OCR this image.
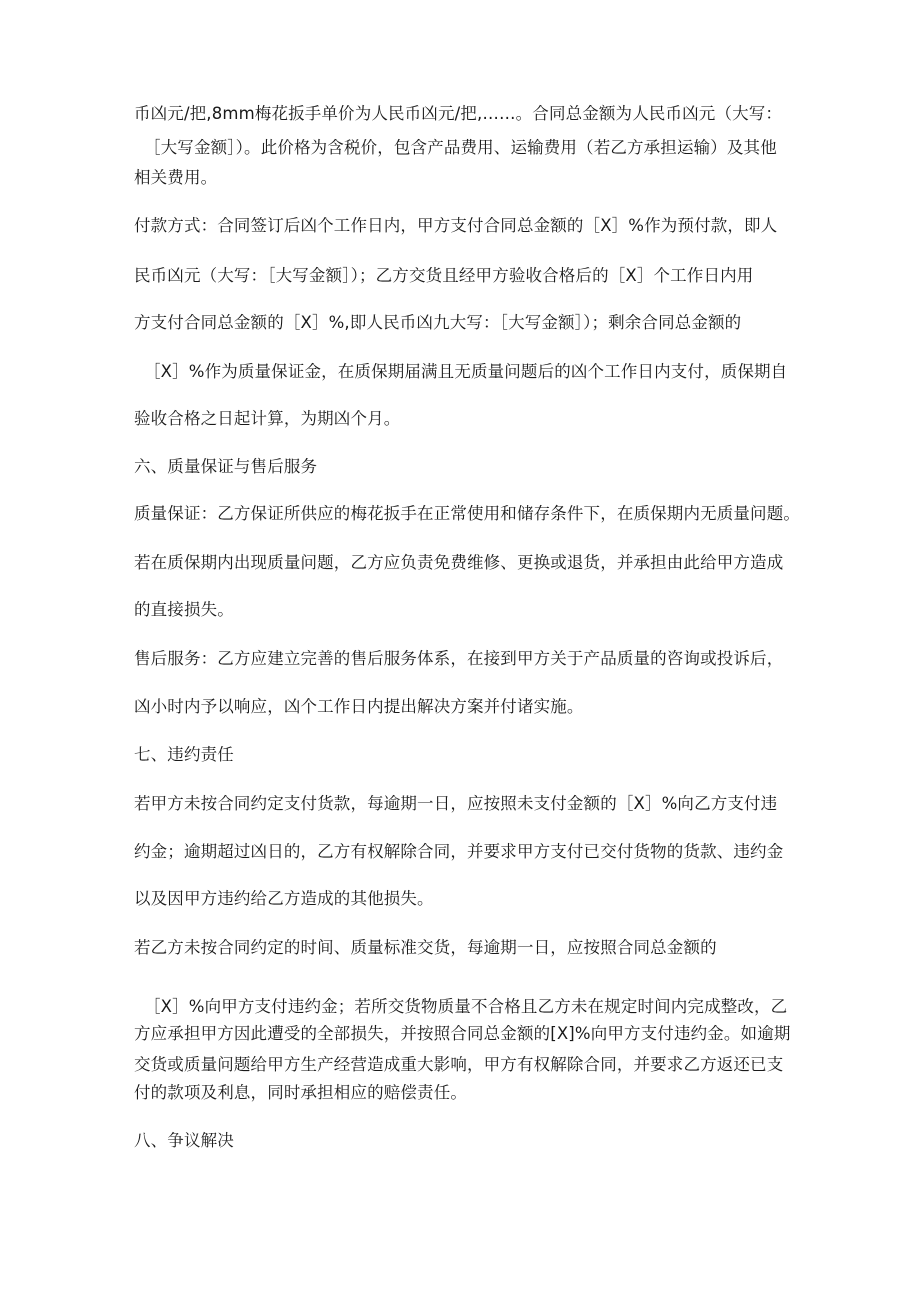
币凶元/把,8mm梅花扳手单价为人民币凶元/把,……。合同总金额为人民币凶元（大写：

［大写金额］）。此价格为含税价，包含产品费用、运输费用（若乙方承担运输）及其他

相关费用。

付款方式：合同签订后凶个工作日内，甲方支付合同总金额的［X］%作为预付款，即人

民币凶元（大写：［大写金额］）；乙方交货且经甲方验收合格后的［X］个工作日内用

方支付合同总金额的［X］%,即人民币凶九大写：［大写金额］）；剩余合同总金额的

［X］%作为质量保证金，在质保期届满且无质量问题后的凶个工作日内支付，质保期自

验收合格之日起计算，为期凶个月。

六、质量保证与售后服务

质量保证：乙方保证所供应的梅花扳手在正常使用和储存条件下，在质保期内无质量问题。

若在质保期内出现质量问题，乙方应负责免费维修、更换或退货，并承担由此给甲方造成

的直接损失。

售后服务：乙方应建立完善的售后服务体系，在接到甲方关于产品质量的咨询或投诉后，

凶小时内予以响应，凶个工作日内提出解决方案并付诸实施。

七、违约责任

若甲方未按合同约定支付货款，每逾期一日，应按照未支付金额的［X］%向乙方支付违

约金；逾期超过凶日的，乙方有权解除合同，并要求甲方支付已交付货物的货款、违约金

以及因甲方违约给乙方造成的其他损失。

若乙方未按合同约定的时间、质量标准交货，每逾期一日，应按照合同总金额的

［X］%向甲方支付违约金；若所交货物质量不合格且乙方未在规定时间内完成整改，乙

方应承担甲方因此遭受的全部损失，并按照合同总金额的[X]%向甲方支付违约金。如逾期

交货或质量问题给甲方生产经营造成重大影响，甲方有权解除合同，并要求乙方返还已支

付的款项及利息，同时承担相应的赔偿责任。

八、争议解决
